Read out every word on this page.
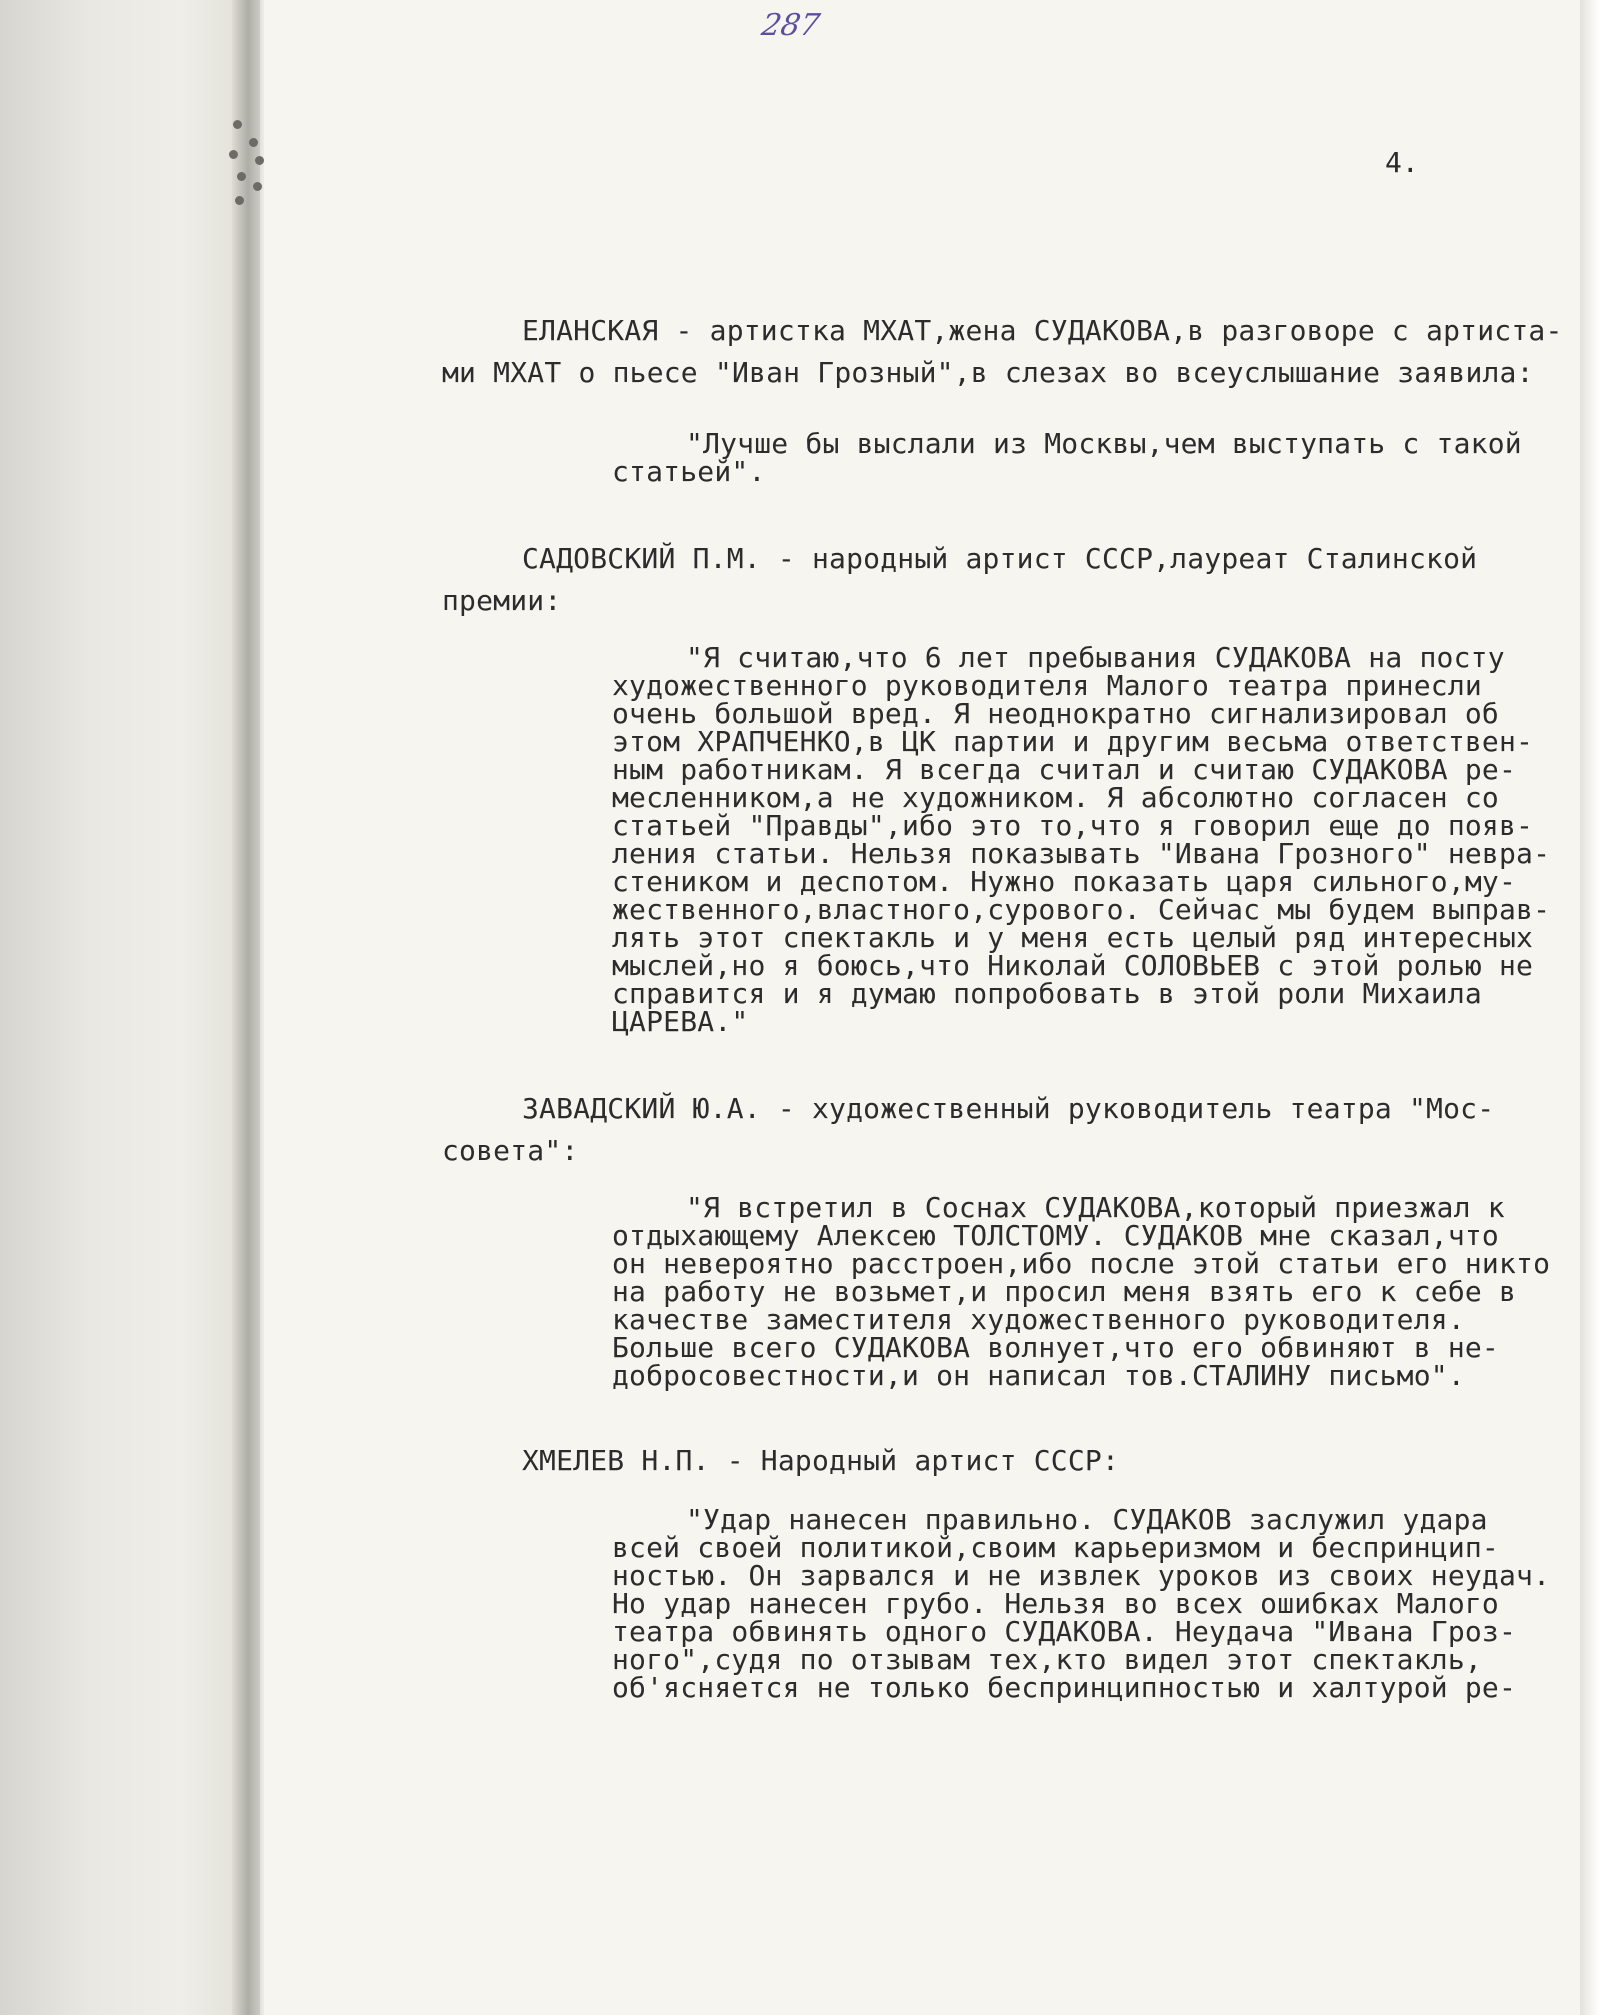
287
4.
ЕЛАНСКАЯ - артистка МХАТ,жена СУДАКОВА,в разговоре с артиста-
ми МХАТ о пьесе "Иван Грозный",в слезах во всеуслышание заявила:
"Лучше бы выслали из Москвы,чем выступать с такой
статьей".
САДОВСКИЙ П.М. - народный артист СССР,лауреат Сталинской
премии:
"Я считаю,что 6 лет пребывания СУДАКОВА на посту
художественного руководителя Малого театра принесли
очень большой вред. Я неоднократно сигнализировал об
этом ХРАПЧЕНКО,в ЦК партии и другим весьма ответствен-
ным работникам. Я всегда считал и считаю СУДАКОВА ре-
месленником,а не художником. Я абсолютно согласен со
статьей "Правды",ибо это то,что я говорил еще до появ-
ления статьи. Нельзя показывать "Ивана Грозного" невра-
стеником и деспотом. Нужно показать царя сильного,му-
жественного,властного,сурового. Сейчас мы будем выправ-
лять этот спектакль и у меня есть целый ряд интересных
мыслей,но я боюсь,что Николай СОЛОВЬЕВ с этой ролью не
справится и я думаю попробовать в этой роли Михаила
ЦАРЕВА."
ЗАВАДСКИЙ Ю.А. - художественный руководитель театра "Мос-
совета":
"Я встретил в Соснах СУДАКОВА,который приезжал к
отдыхающему Алексею ТОЛСТОМУ. СУДАКОВ мне сказал,что
он невероятно расстроен,ибо после этой статьи его никто
на работу не возьмет,и просил меня взять его к себе в
качестве заместителя художественного руководителя.
Больше всего СУДАКОВА волнует,что его обвиняют в не-
добросовестности,и он написал тов.СТАЛИНУ письмо".
ХМЕЛЕВ Н.П. - Народный артист СССР:
"Удар нанесен правильно. СУДАКОВ заслужил удара
всей своей политикой,своим карьеризмом и беспринцип-
ностью. Он зарвался и не извлек уроков из своих неудач.
Но удар нанесен грубо. Нельзя во всех ошибках Малого
театра обвинять одного СУДАКОВА. Неудача "Ивана Гроз-
ного",судя по отзывам тех,кто видел этот спектакль,
об'ясняется не только беспринципностью и халтурой ре-
